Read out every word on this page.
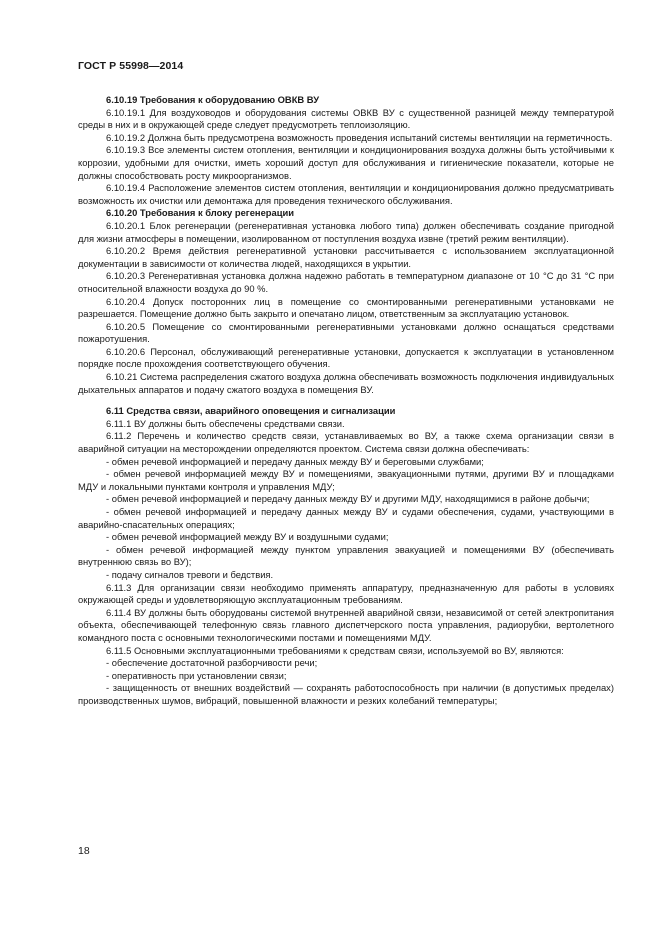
ГОСТ Р 55998—2014
6.10.19 Требования к оборудованию ОВКВ ВУ
6.10.19.1 Для воздуховодов и оборудования системы ОВКВ ВУ с существенной разницей между температурой среды в них и в окружающей среде следует предусмотреть теплоизоляцию.
6.10.19.2 Должна быть предусмотрена возможность проведения испытаний системы вентиляции на герметичность.
6.10.19.3 Все элементы систем отопления, вентиляции и кондиционирования воздуха должны быть устойчивыми к коррозии, удобными для очистки, иметь хороший доступ для обслуживания и гигиенические показатели, которые не должны способствовать росту микроорганизмов.
6.10.19.4 Расположение элементов систем отопления, вентиляции и кондиционирования должно предусматривать возможность их очистки или демонтажа для проведения технического обслуживания.
6.10.20 Требования к блоку регенерации
6.10.20.1 Блок регенерации (регенеративная установка любого типа) должен обеспечивать создание пригодной для жизни атмосферы в помещении, изолированном от поступления воздуха извне (третий режим вентиляции).
6.10.20.2 Время действия регенеративной установки рассчитывается с использованием эксплуатационной документации в зависимости от количества людей, находящихся в укрытии.
6.10.20.3 Регенеративная установка должна надежно работать в температурном диапазоне от 10 °С до 31 °С при относительной влажности воздуха до 90 %.
6.10.20.4 Допуск посторонних лиц в помещение со смонтированными регенеративными установками не разрешается. Помещение должно быть закрыто и опечатано лицом, ответственным за эксплуатацию установок.
6.10.20.5 Помещение со смонтированными регенеративными установками должно оснащаться средствами пожаротушения.
6.10.20.6 Персонал, обслуживающий регенеративные установки, допускается к эксплуатации в установленном порядке после прохождения соответствующего обучения.
6.10.21 Система распределения сжатого воздуха должна обеспечивать возможность подключения индивидуальных дыхательных аппаратов и подачу сжатого воздуха в помещения ВУ.
6.11 Средства связи, аварийного оповещения и сигнализации
6.11.1 ВУ должны быть обеспечены средствами связи.
6.11.2 Перечень и количество средств связи, устанавливаемых во ВУ, а также схема организации связи в аварийной ситуации на месторождении определяются проектом. Система связи должна обеспечивать:
- обмен речевой информацией и передачу данных между ВУ и береговыми службами;
- обмен речевой информацией между ВУ и помещениями, эвакуационными путями, другими ВУ и площадками МДУ и локальными пунктами контроля и управления МДУ;
- обмен речевой информацией и передачу данных между ВУ и другими МДУ, находящимися в районе добычи;
- обмен речевой информацией и передачу данных между ВУ и судами обеспечения, судами, участвующими в аварийно-спасательных операциях;
- обмен речевой информацией между ВУ и воздушными судами;
- обмен речевой информацией между пунктом управления эвакуацией и помещениями ВУ (обеспечивать внутреннюю связь во ВУ);
- подачу сигналов тревоги и бедствия.
6.11.3 Для организации связи необходимо применять аппаратуру, предназначенную для работы в условиях окружающей среды и удовлетворяющую эксплуатационным требованиям.
6.11.4 ВУ должны быть оборудованы системой внутренней аварийной связи, независимой от сетей электропитания объекта, обеспечивающей телефонную связь главного диспетчерского поста управления, радиорубки, вертолетного командного поста с основными технологическими постами и помещениями МДУ.
6.11.5 Основными эксплуатационными требованиями к средствам связи, используемой во ВУ, являются:
- обеспечение достаточной разборчивости речи;
- оперативность при установлении связи;
- защищенность от внешних воздействий — сохранять работоспособность при наличии (в допустимых пределах) производственных шумов, вибраций, повышенной влажности и резких колебаний температуры;
18
